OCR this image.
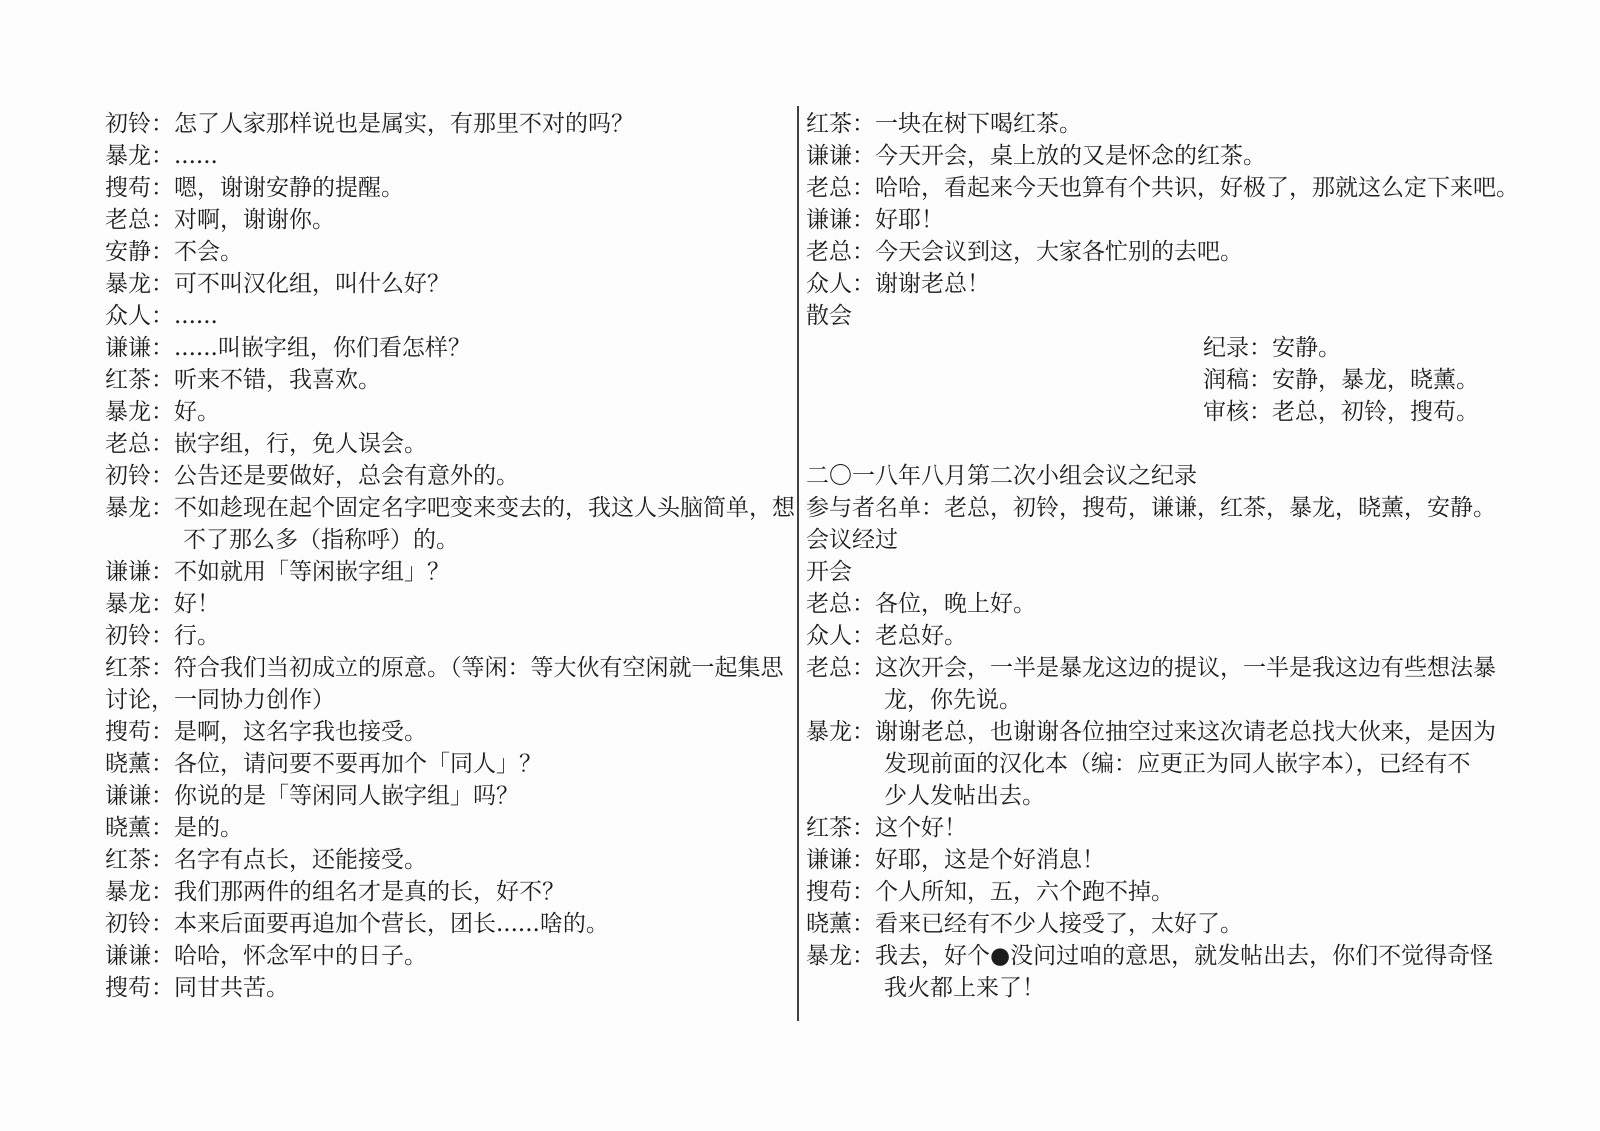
初铃：怎了人家那样说也是属实，有那里不对的吗？
暴龙：......
搜苟：嗯，谢谢安静的提醒。
老总：对啊，谢谢你。
安静：不会。
暴龙：可不叫汉化组，叫什么好？
众人：......
谦谦：......叫嵌字组，你们看怎样？
红茶：听来不错，我喜欢。
暴龙：好。
老总：嵌字组，行，免人误会。
初铃：公告还是要做好，总会有意外的。
暴龙：不如趁现在起个固定名字吧变来变去的，我这人头脑简单，想
不了那么多（指称呼）的。
谦谦：不如就用「等闲嵌字组」？
暴龙：好！
初铃：行。
红茶：符合我们当初成立的原意。（等闲：等大伙有空闲就一起集思
讨论，一同协力创作）
搜苟：是啊，这名字我也接受。
晓薰：各位，请问要不要再加个「同人」？
谦谦：你说的是「等闲同人嵌字组」吗？
晓薰：是的。
红茶：名字有点长，还能接受。
暴龙：我们那两件的组名才是真的长，好不？
初铃：本来后面要再追加个营长，团长......啥的。
谦谦：哈哈，怀念军中的日子。
搜苟：同甘共苦。
红茶：一块在树下喝红茶。
谦谦：今天开会，桌上放的又是怀念的红茶。
老总：哈哈，看起来今天也算有个共识，好极了，那就这么定下来吧。
谦谦：好耶！
老总：今天会议到这，大家各忙别的去吧。
众人：谢谢老总！
散会
纪录：安静。
润稿：安静，暴龙，晓薰。
审核：老总，初铃，搜苟。
二〇一八年八月第二次小组会议之纪录
参与者名单：老总，初铃，搜苟，谦谦，红茶，暴龙，晓薰，安静。
会议经过
开会
老总：各位，晚上好。
众人：老总好。
老总：这次开会，一半是暴龙这边的提议，一半是我这边有些想法暴
龙，你先说。
暴龙：谢谢老总，也谢谢各位抽空过来这次请老总找大伙来，是因为
发现前面的汉化本（编：应更正为同人嵌字本），已经有不
少人发帖出去。
红茶：这个好！
谦谦：好耶，这是个好消息！
搜苟：个人所知，五，六个跑不掉。
晓薰：看来已经有不少人接受了，太好了。
暴龙：我去，好个●没问过咱的意思，就发帖出去，你们不觉得奇怪
我火都上来了！
